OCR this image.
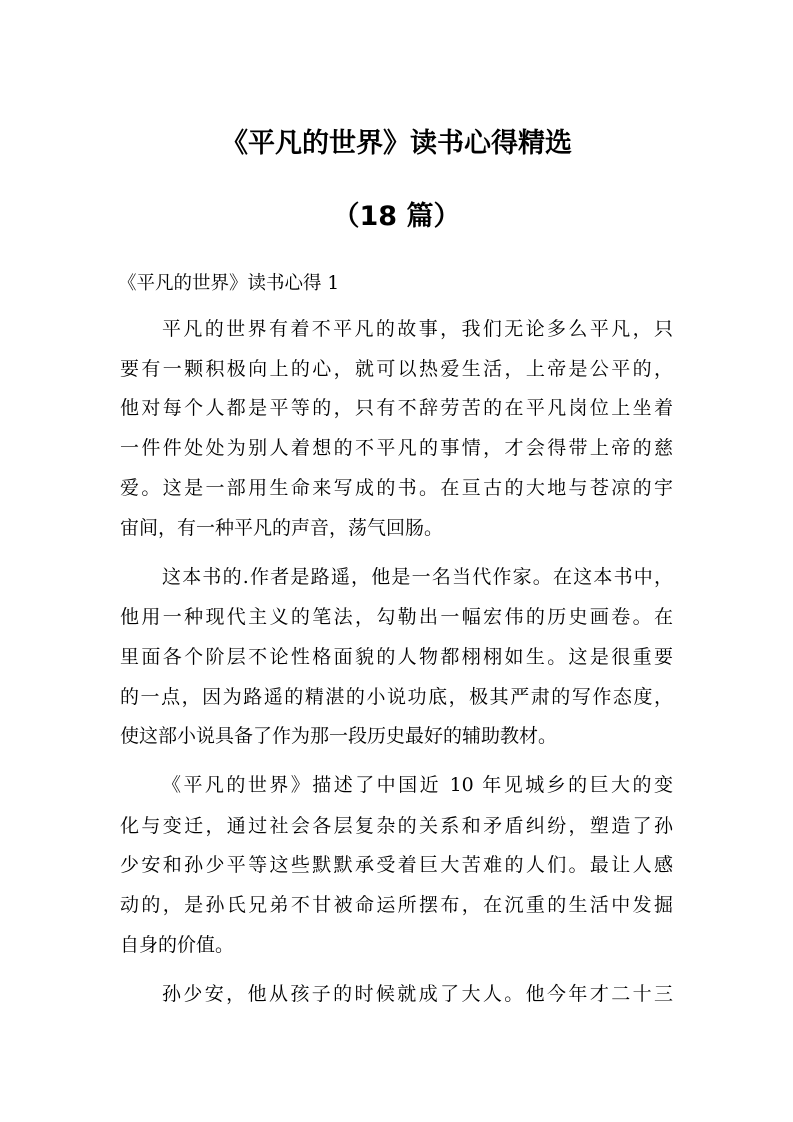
《平凡的世界》读书心得精选
（18 篇）

《平凡的世界》读书心得 1

平凡的世界有着不平凡的故事，我们无论多么平凡，只

要有一颗积极向上的心，就可以热爱生活，上帝是公平的，

他对每个人都是平等的，只有不辞劳苦的在平凡岗位上坐着

一件件处处为别人着想的不平凡的事情，才会得带上帝的慈

爱。这是一部用生命来写成的书。在亘古的大地与苍凉的宇

宙间，有一种平凡的声音，荡气回肠。

这本书的.作者是路遥，他是一名当代作家。在这本书中，

他用一种现代主义的笔法，勾勒出一幅宏伟的历史画卷。在

里面各个阶层不论性格面貌的人物都栩栩如生。这是很重要

的一点，因为路遥的精湛的小说功底，极其严肃的写作态度，

使这部小说具备了作为那一段历史最好的辅助教材。

《平凡的世界》描述了中国近 10 年见城乡的巨大的变

化与变迁，通过社会各层复杂的关系和矛盾纠纷，塑造了孙

少安和孙少平等这些默默承受着巨大苦难的人们。最让人感

动的，是孙氏兄弟不甘被命运所摆布，在沉重的生活中发掘

自身的价值。

孙少安，他从孩子的时候就成了大人。他今年才二十三
